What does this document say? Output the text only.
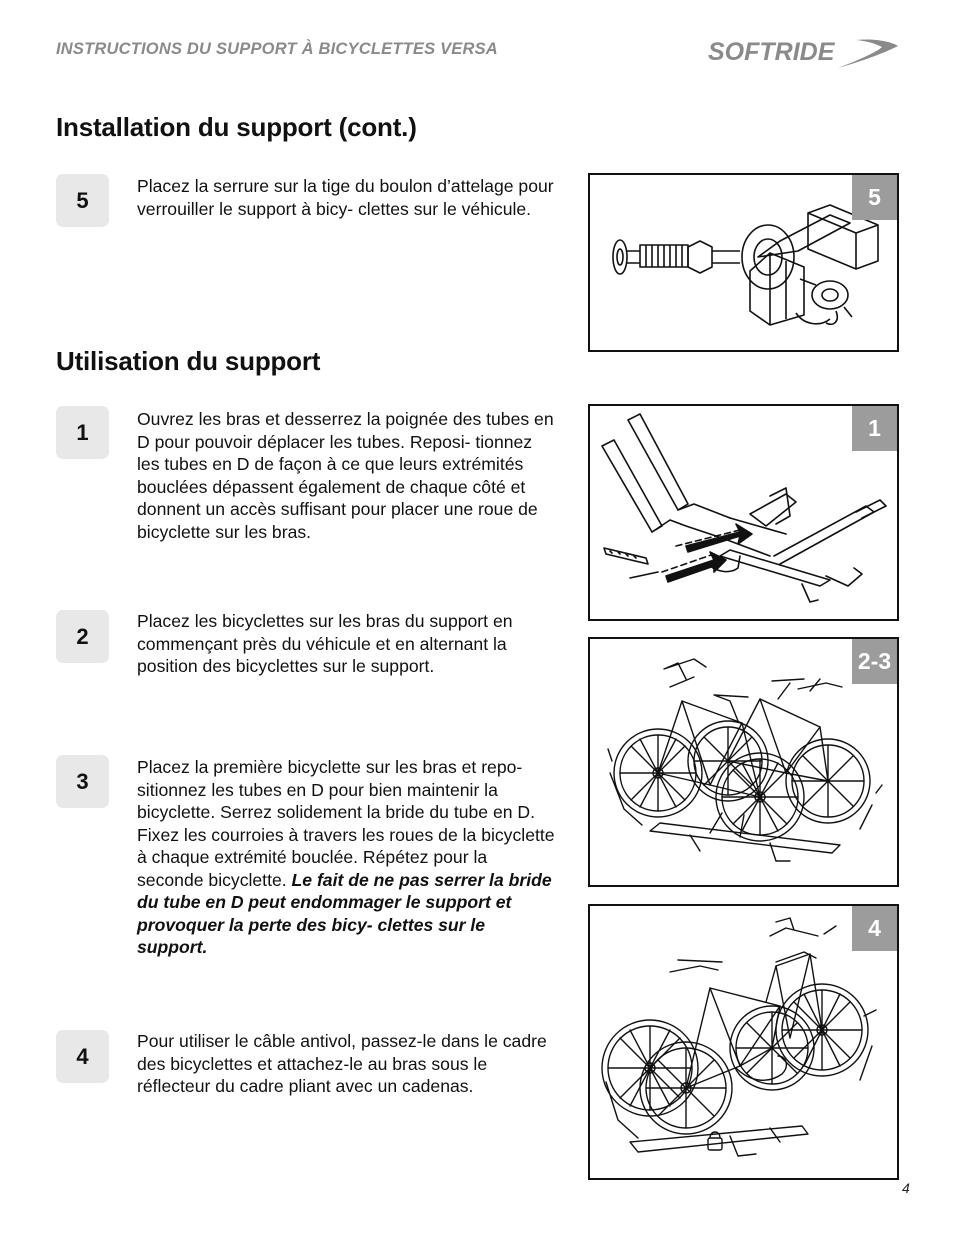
INSTRUCTIONS DU SUPPORT À BICYCLETTES VERSA	SOFTRIDE
Installation du support (cont.)
5
Placez la serrure sur la tige du boulon d’attelage pour verrouiller le support à bicy- clettes sur le véhicule.
Utilisation du support
1
Ouvrez les bras et desserrez la poignée des tubes en D pour pouvoir déplacer les tubes. Reposi- tionnez les tubes en D de façon à ce que leurs extrémités bouclées dépassent également de chaque côté et donnent un accès suffisant pour placer une roue de bicyclette sur les bras.
2
Placez les bicyclettes sur les bras du support en commençant près du véhicule et en alternant la position des bicyclettes sur le support.
3
Placez la première bicyclette sur les bras et repo- sitionnez les tubes en D pour bien maintenir la bicyclette. Serrez solidement la bride du tube en D. Fixez les courroies à travers les roues de la bicyclette à chaque extrémité bouclée. Répétez pour la seconde bicyclette. Le fait de ne pas serrer la bride du tube en D peut endommager le support et provoquer la perte des bicy- clettes sur le support.
4
Pour utiliser le câble antivol, passez-le dans le cadre des bicyclettes et attachez-le au bras sous le réflecteur du cadre pliant avec un cadenas.
5
1
2-3
4
4
